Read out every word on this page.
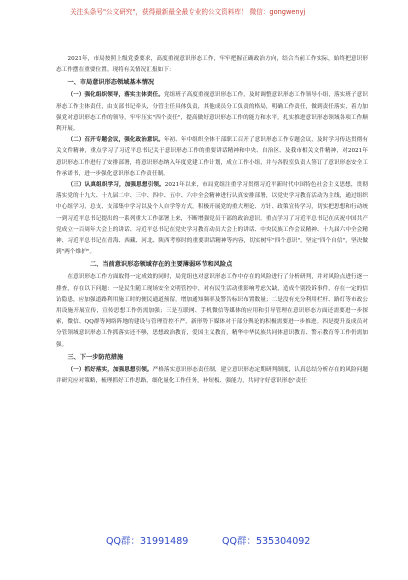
关注头条号"公文研究"，获得最新最全最专业的公文资料库！ 微信：gongwenyj

2021年，市局按照上级党委要求，高度重视意识形态工作，牢牢把握正确政治方向，结合当前工作实际，始终把意识形态工作摆在重要位置。现将有关情况汇报如下：

一、市局意识形态领域基本情况

（一）强化组织领导，落实主体责任。党组班子高度重视意识形态工作，及时调整意识形态工作领导小组，落实班子意识形态工作主体责任，由支部书记牵头，分管主任具体负责，其他成员分工负责的格局，明确工作责任，做到责任落实，着力加强党对意识形态工作的领导，牢牢压实"四个责任"，提高做好意识形态工作的能力和水平，扎实推进意识形态领域各项工作顺利开展。

（二）召开专题会议，强化政治意识。年初、年中组织全体干部职工召开了意识形态工作专题会议，及时学习传达贯彻有关文件精神，重点学习了习近平总书记关于意识形态工作的重要讲话精神和中央、自治区、及我市相关文件精神，对2021年意识形态工作进行了安排部署，将意识形态纳入年度党建工作计划，成立工作小组，并与各股室负责人签订了意识形态安全工作承诺书，进一步强化意识形态工作责任制。

（三）认真组织学习，加强思想引领。2021年以来，市局党组注重学习贯彻习近平新时代中国特色社会主义思想，贯彻落实党的十九大、十九届二中、三中、四中、五中、六中全会精神进行认真安排部署，以党史学习教育活动为主线，通过组织中心组学习，总支、支部集中学习以及个人自学等方式，积极开展党的重大理论、方针、政策宣传学习，切实把思想和行动统一到习近平总书记提出的一系列重大工作部署上来，不断增强党员干部的政治意识。重点学习了习近平总书记在庆祝中国共产党成立一百周年大会上的讲话、习近平总书记在党史学习教育动员大会上的讲话、中央民族工作会议精神、十九届六中全会精神、习近平总书记在青海、西藏、河北、陕西考察时的重要讲话精神等内容，切实树牢"四个意识"，坚定"四个自信"，坚决做到"两个维护"。

二、当前意识形态领域存在的主要薄弱环节和风险点

在意识形态工作方面取得一定成效的同时，局党组也对意识形态工作中存在的风险进行了分析研判，并对风险点进行逐一排查，存在以下问题：一是民生随工现场安全文明管控中，对有民生活动重影响考虑欠缺，造成个别投诉事件，存在一定的信访隐患，应加强道路利用施工时的便民通道预留，增加通知频率及警告标识布置数量；二是没有充分利用栏杆、路灯等市政公用设施开展宣传，宣传思想工作仍需加强；三是互联网、手机微信等媒体的应用和引导管理在意识形态方面还需要进一步探索，微信、QQ群等网络阵地的建设与管理管控不严，新形势下媒体对于部分舆论的积极需要进一步推进。四是提升及成员对分管领域意识形态工作抓落实还不够，思想政治教育，爱国主义教育，精华中华民族共同体意识教育、警示教育等工作仍需加强。

三、下一步防范措施

（一）抓好落实，加强思想引领。严格落实意识形态责任制，建立意识形态定期研判制度，认真总结分析存在的风险问题并研究应对策略，梳理抓好工作思路，细化量化工作任务，补短板、强能力，共同守好意识形态"责任

QQ群：31991489	QQ群：535304092
